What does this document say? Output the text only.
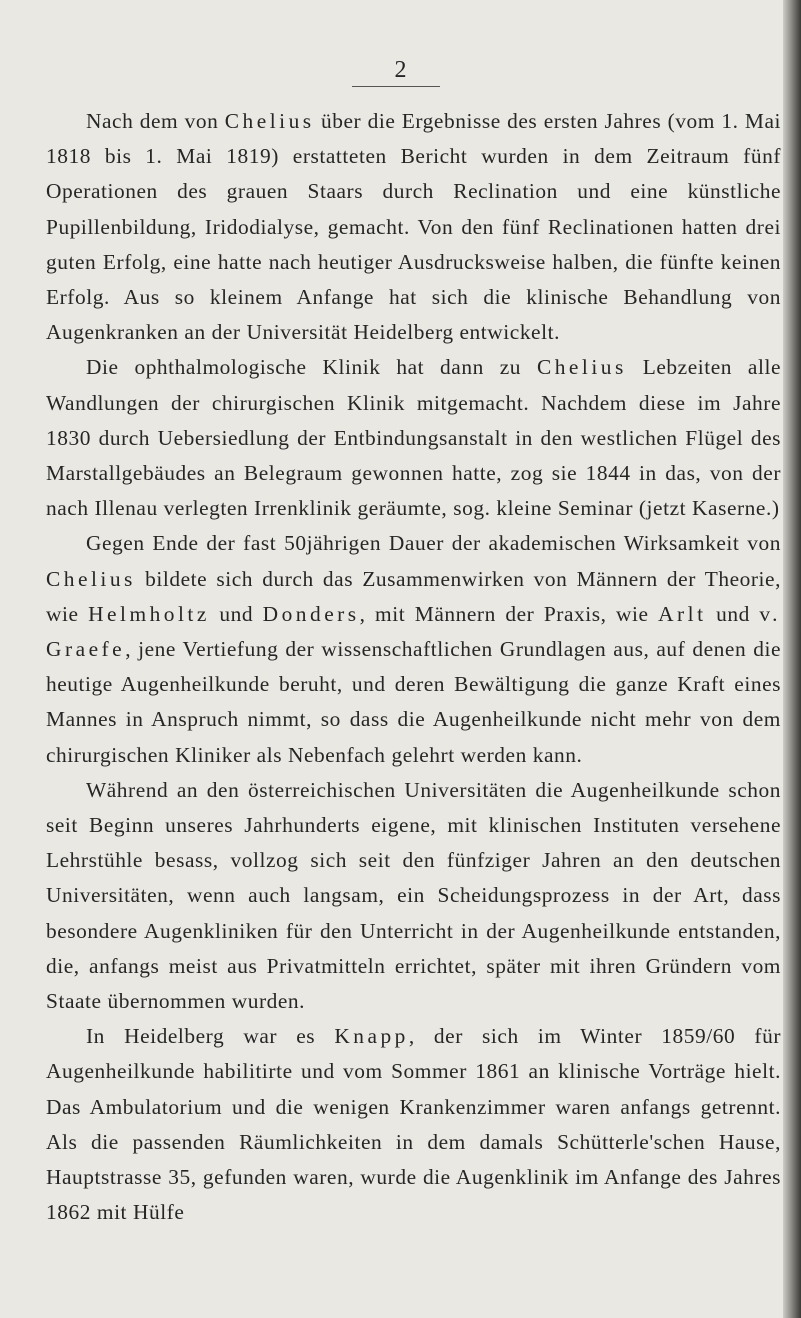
2

Nach dem von Chelius über die Ergebnisse des ersten Jahres (vom 1. Mai 1818 bis 1. Mai 1819) erstatteten Bericht wurden in dem Zeitraum fünf Operationen des grauen Staars durch Reclination und eine künstliche Pupillenbildung, Iridodialyse, gemacht. Von den fünf Reclinationen hatten drei guten Erfolg, eine hatte nach heutiger Ausdrucksweise halben, die fünfte keinen Erfolg. Aus so kleinem Anfange hat sich die klinische Behandlung von Augenkranken an der Universität Heidelberg entwickelt.

Die ophthalmologische Klinik hat dann zu Chelius Lebzeiten alle Wandlungen der chirurgischen Klinik mitgemacht. Nachdem diese im Jahre 1830 durch Uebersiedlung der Entbindungsanstalt in den westlichen Flügel des Marstallgebäudes an Belegraum gewonnen hatte, zog sie 1844 in das, von der nach Illenau verlegten Irrenklinik geräumte, sog. kleine Seminar (jetzt Kaserne.)

Gegen Ende der fast 50jährigen Dauer der akademischen Wirksamkeit von Chelius bildete sich durch das Zusammenwirken von Männern der Theorie, wie Helmholtz und Donders, mit Männern der Praxis, wie Arlt und v. Graefe, jene Vertiefung der wissenschaftlichen Grundlagen aus, auf denen die heutige Augenheilkunde beruht, und deren Bewältigung die ganze Kraft eines Mannes in Anspruch nimmt, so dass die Augenheilkunde nicht mehr von dem chirurgischen Kliniker als Nebenfach gelehrt werden kann.

Während an den österreichischen Universitäten die Augenheilkunde schon seit Beginn unseres Jahrhunderts eigene, mit klinischen Instituten versehene Lehrstühle besass, vollzog sich seit den fünfziger Jahren an den deutschen Universitäten, wenn auch langsam, ein Scheidungsprozess in der Art, dass besondere Augenkliniken für den Unterricht in der Augenheilkunde entstanden, die, anfangs meist aus Privatmitteln errichtet, später mit ihren Gründern vom Staate übernommen wurden.

In Heidelberg war es Knapp, der sich im Winter 1859/60 für Augenheilkunde habilitirte und vom Sommer 1861 an klinische Vorträge hielt. Das Ambulatorium und die wenigen Krankenzimmer waren anfangs getrennt. Als die passenden Räumlichkeiten in dem damals Schütterle'schen Hause, Hauptstrasse 35, gefunden waren, wurde die Augenklinik im Anfange des Jahres 1862 mit Hülfe
